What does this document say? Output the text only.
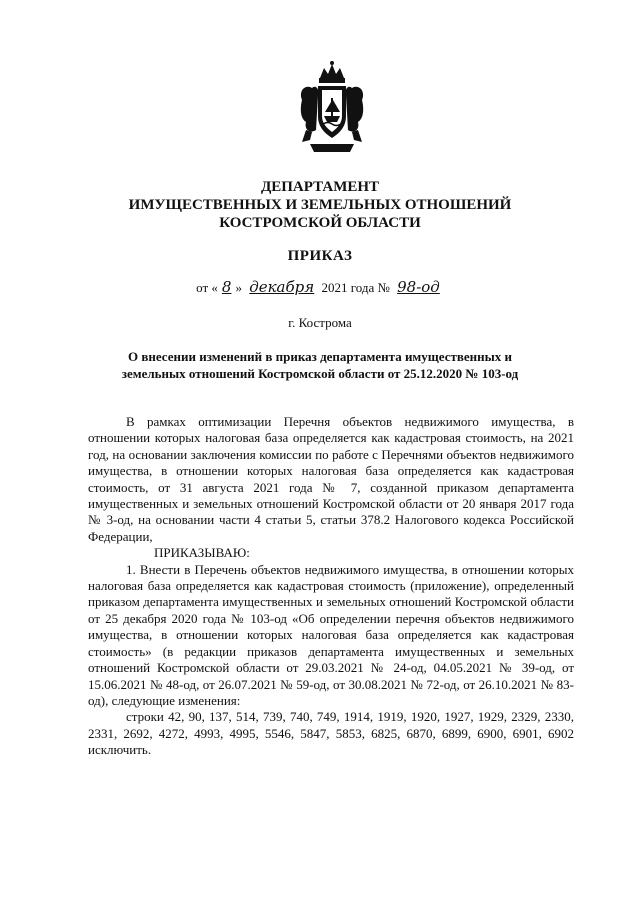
ДЕПАРТАМЕНТ
ИМУЩЕСТВЕННЫХ И ЗЕМЕЛЬНЫХ ОТНОШЕНИЙ
КОСТРОМСКОЙ ОБЛАСТИ
ПРИКАЗ
от « 8 » декабря 2021 года № 98-од
г. Кострома
О внесении изменений в приказ департамента имущественных и
земельных отношений Костромской области от 25.12.2020 № 103-од

В рамках оптимизации Перечня объектов недвижимого имущества, в отношении которых налоговая база определяется как кадастровая стоимость, на 2021 год, на основании заключения комиссии по работе с Перечнями объектов недвижимого имущества, в отношении которых налоговая база определяется как кадастровая стоимость, от 31 августа 2021 года № 7, созданной приказом департамента имущественных и земельных отношений Костромской области от 20 января 2017 года № 3-од, на основании части 4 статьи 5, статьи 378.2 Налогового кодекса Российской Федерации,

ПРИКАЗЫВАЮ:

1. Внести в Перечень объектов недвижимого имущества, в отношении которых налоговая база определяется как кадастровая стоимость (приложение), определенный приказом департамента имущественных и земельных отношений Костромской области от 25 декабря 2020 года № 103-од «Об определении перечня объектов недвижимого имущества, в отношении которых налоговая база определяется как кадастровая стоимость» (в редакции приказов департамента имущественных и земельных отношений Костромской области от 29.03.2021 № 24-од, 04.05.2021 № 39-од, от 15.06.2021 № 48-од, от 26.07.2021 № 59-од, от 30.08.2021 № 72-од, от 26.10.2021 № 83-од), следующие изменения:

строки 42, 90, 137, 514, 739, 740, 749, 1914, 1919, 1920, 1927, 1929, 2329, 2330, 2331, 2692, 4272, 4993, 4995, 5546, 5847, 5853, 6825, 6870, 6899, 6900, 6901, 6902 исключить.
